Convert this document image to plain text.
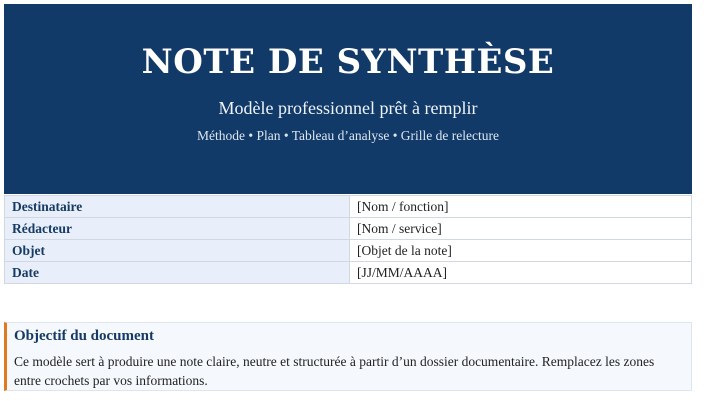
NOTE DE SYNTHÈSE
Modèle professionnel prêt à remplir
Méthode • Plan • Tableau d’analyse • Grille de relecture
Destinataire	[Nom / fonction]
Rédacteur	[Nom / service]
Objet	[Objet de la note]
Date	[JJ/MM/AAAA]
Objectif du document

Ce modèle sert à produire une note claire, neutre et structurée à partir d’un dossier documentaire. Remplacez les zones entre crochets par vos informations.
